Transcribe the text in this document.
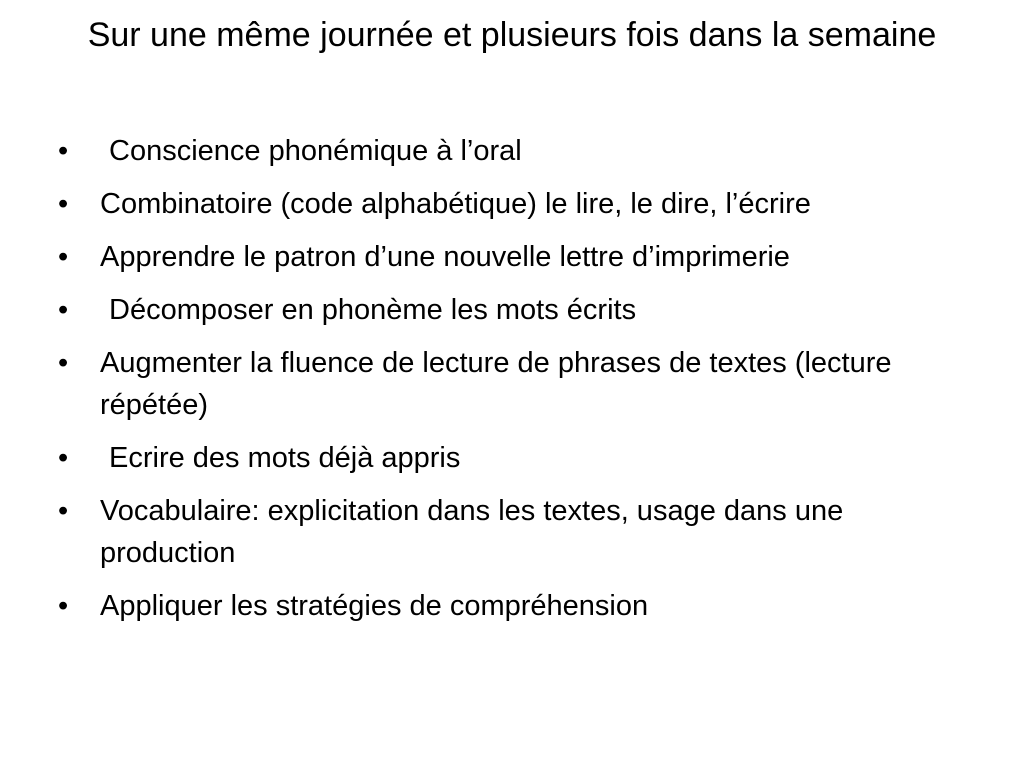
Sur une même journée et plusieurs fois dans la semaine
•	Conscience phonémique à l’oral
•	Combinatoire (code alphabétique) le lire, le dire, l’écrire
•	Apprendre le patron d’une nouvelle lettre d’imprimerie
•	Décomposer en phonème les mots écrits
•	Augmenter la fluence de lecture de phrases de textes (lecture répétée)
•	Ecrire des mots déjà appris
•	Vocabulaire: explicitation dans les textes, usage dans une production
•	Appliquer les stratégies de compréhension
